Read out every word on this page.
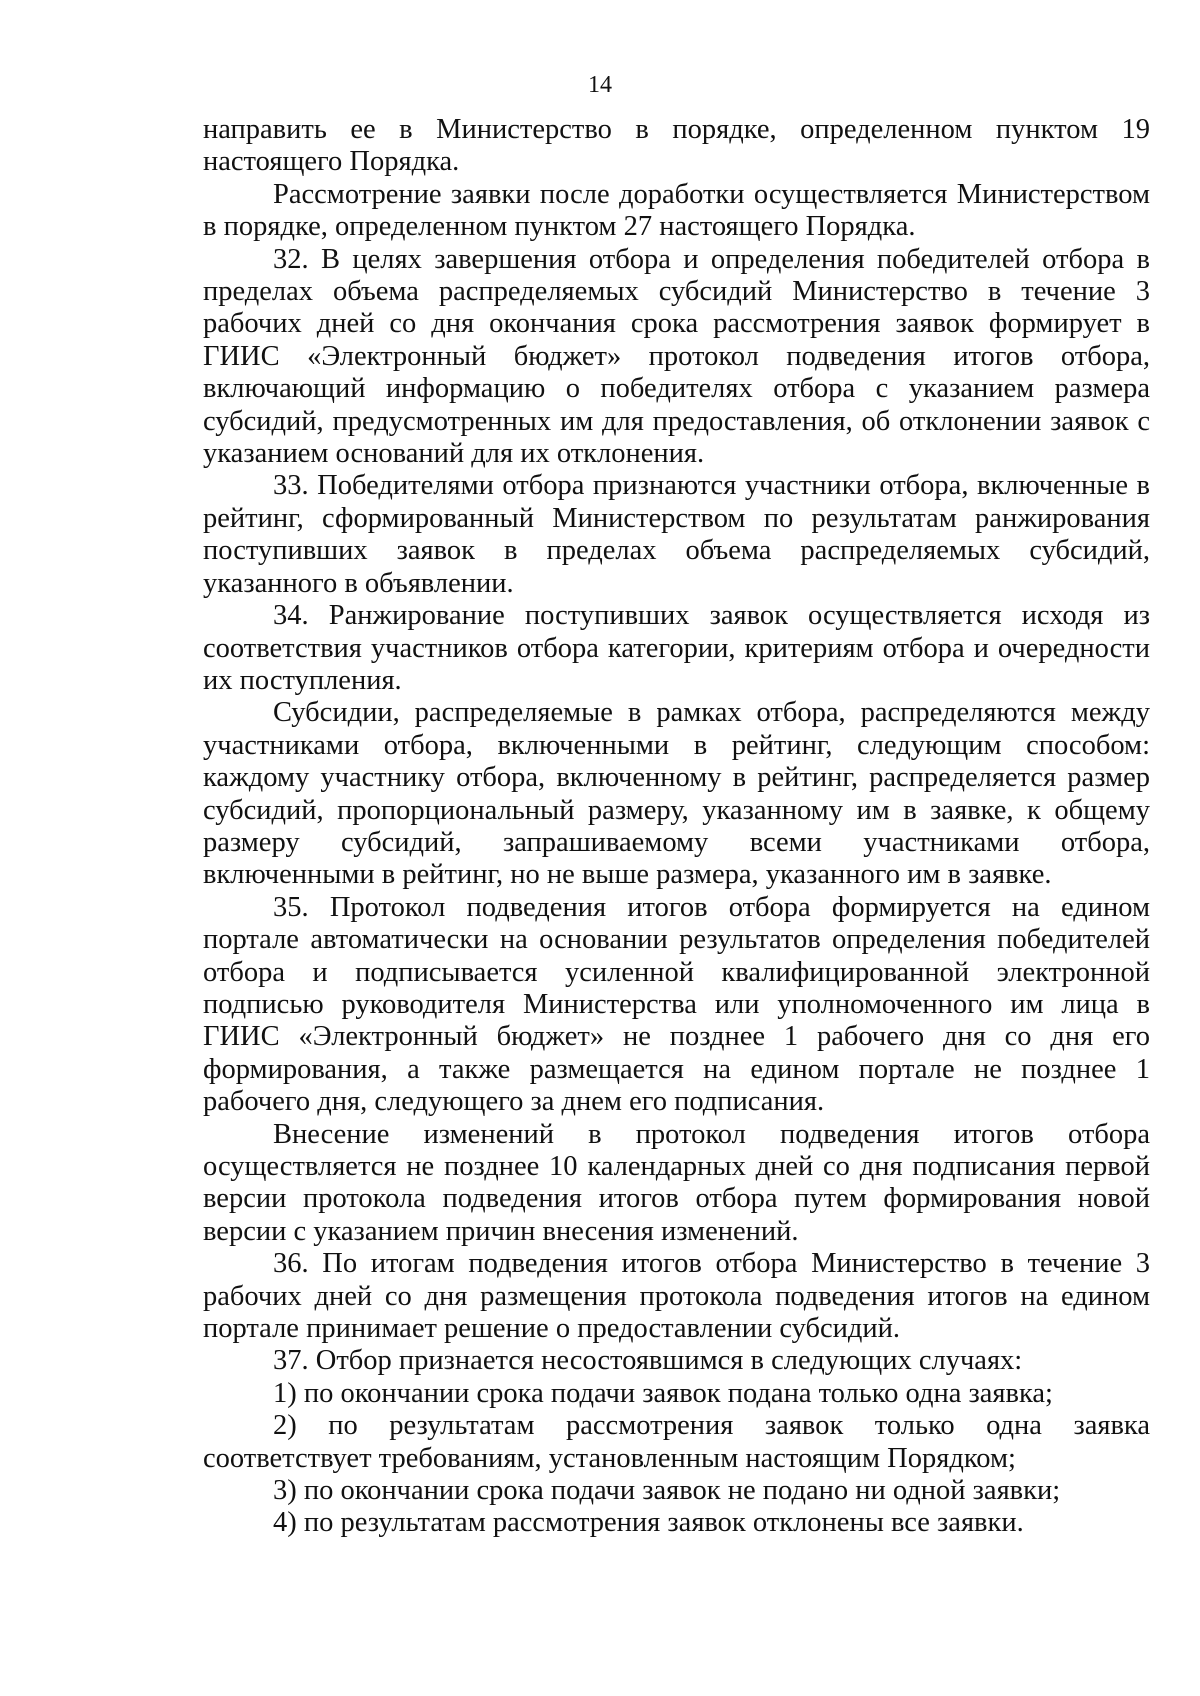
14

направить ее в Министерство в порядке, определенном пунктом 19 настоящего Порядка.

Рассмотрение заявки после доработки осуществляется Министерством в порядке, определенном пунктом 27 настоящего Порядка.

32. В целях завершения отбора и определения победителей отбора в пределах объема распределяемых субсидий Министерство в течение 3 рабочих дней со дня окончания срока рассмотрения заявок формирует в ГИИС «Электронный бюджет» протокол подведения итогов отбора, включающий информацию о победителях отбора с указанием размера субсидий, предусмотренных им для предоставления, об отклонении заявок с указанием оснований для их отклонения.

33. Победителями отбора признаются участники отбора, включенные в рейтинг, сформированный Министерством по результатам ранжирования поступивших заявок в пределах объема распределяемых субсидий, указанного в объявлении.

34. Ранжирование поступивших заявок осуществляется исходя из соответствия участников отбора категории, критериям отбора и очередности их поступления.

Субсидии, распределяемые в рамках отбора, распределяются между участниками отбора, включенными в рейтинг, следующим способом: каждому участнику отбора, включенному в рейтинг, распределяется размер субсидий, пропорциональный размеру, указанному им в заявке, к общему размеру субсидий, запрашиваемому всеми участниками отбора, включенными в рейтинг, но не выше размера, указанного им в заявке.

35. Протокол подведения итогов отбора формируется на едином портале автоматически на основании результатов определения победителей отбора и подписывается усиленной квалифицированной электронной подписью руководителя Министерства или уполномоченного им лица в ГИИС «Электронный бюджет» не позднее 1 рабочего дня со дня его формирования, а также размещается на едином портале не позднее 1 рабочего дня, следующего за днем его подписания.

Внесение изменений в протокол подведения итогов отбора осуществляется не позднее 10 календарных дней со дня подписания первой версии протокола подведения итогов отбора путем формирования новой версии с указанием причин внесения изменений.

36. По итогам подведения итогов отбора Министерство в течение 3 рабочих дней со дня размещения протокола подведения итогов на едином портале принимает решение о предоставлении субсидий.

37. Отбор признается несостоявшимся в следующих случаях:

1) по окончании срока подачи заявок подана только одна заявка;

2) по результатам рассмотрения заявок только одна заявка соответствует требованиям, установленным настоящим Порядком;

3) по окончании срока подачи заявок не подано ни одной заявки;

4) по результатам рассмотрения заявок отклонены все заявки.
